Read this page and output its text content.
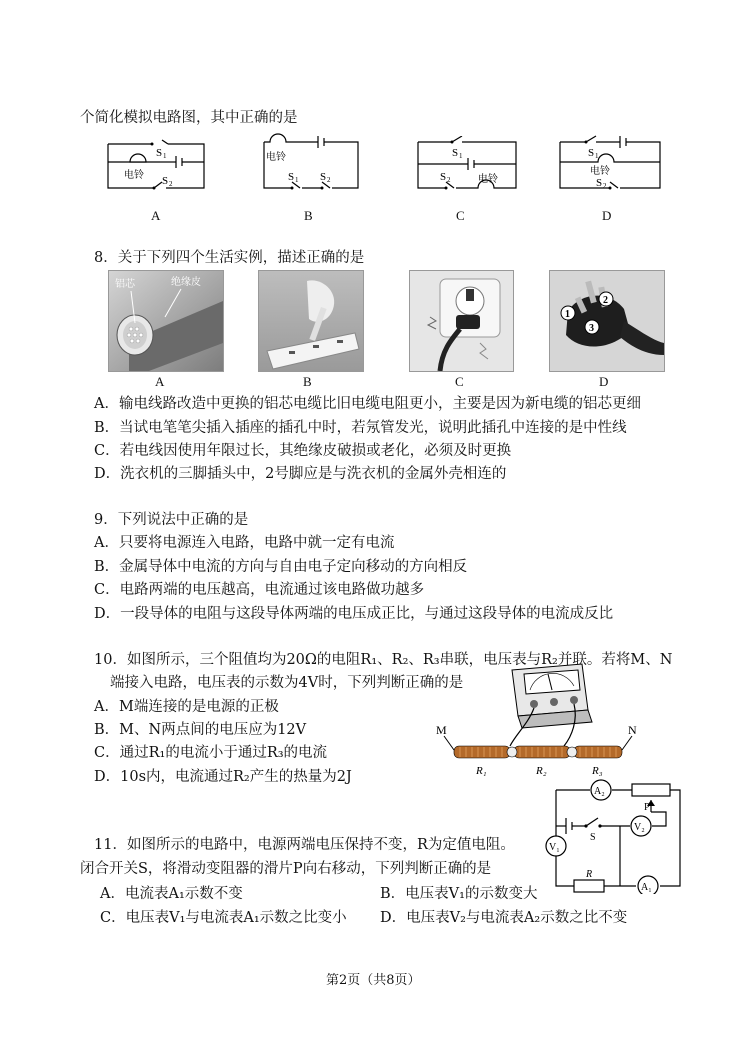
个简化模拟电路图，其中正确的是
S 1
电铃 S 2
A
电铃
S 1 S 2
B
S 1
S 2	电铃
C
S 1
电铃
S 2
D
8．关于下列四个生活实例，描述正确的是
铝芯	绝缘皮
A	B	C
1
2
3
D
A．输电线路改造中更换的铝芯电缆比旧电缆电阻更小，主要是因为新电缆的铝芯更细
B．当试电笔笔尖插入插座的插孔中时，若氖管发光，说明此插孔中连接的是中性线
C．若电线因使用年限过长，其绝缘皮破损或老化，必须及时更换
D．洗衣机的三脚插头中，2号脚应是与洗衣机的金属外壳相连的
9．下列说法中正确的是
A．只要将电源连入电路，电路中就一定有电流
B．金属导体中电流的方向与自由电子定向移动的方向相反
C．电路两端的电压越高，电流通过该电路做功越多
D．一段导体的电阻与这段导体两端的电压成正比，与通过这段导体的电流成反比
10．如图所示，三个阻值均为20Ω的电阻R₁、R₂、R₃串联，电压表与R₂并联。若将M、N
端接入电路，电压表的示数为4V时，下列判断正确的是
A．M端连接的是电源的正极
B．M、N两点间的电压应为12V
C．通过R₁的电流小于通过R₃的电流
D．10s内，电流通过R₂产生的热量为2J
M	N
R₁	R₂	R₃
11．如图所示的电路中，电源两端电压保持不变，R为定值电阻。
闭合开关S，将滑动变阻器的滑片P向右移动，下列判断正确的是
A．电流表A₁示数不变	B．电压表V₁的示数变大
C．电压表V₁与电流表A₁示数之比变小 D．电压表V₂与电流表A₂示数之比不变
A₂
V₂
V₁
A₁
P
S
R
第2页（共8页）
